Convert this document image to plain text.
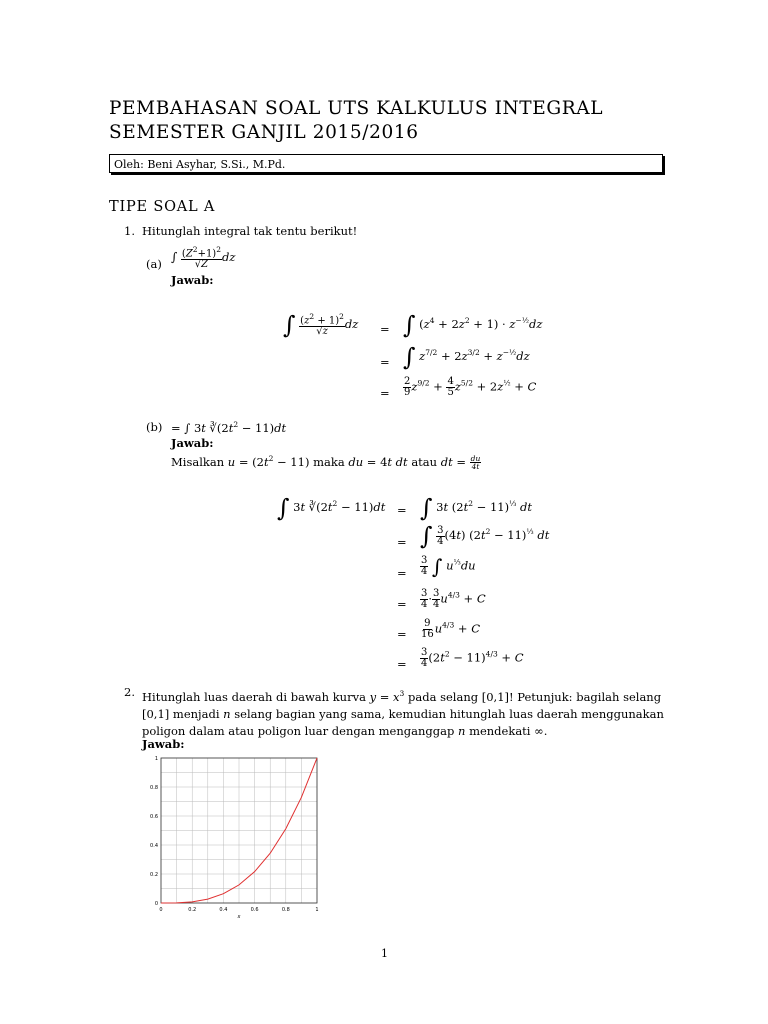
PEMBAHASAN SOAL UTS KALKULUS INTEGRAL
SEMESTER GANJIL 2015/2016
Oleh: Beni Asyhar, S.Si., M.Pd.
TIPE SOAL A
1. Hitunglah integral tak tentu berikut!
(a) ∫ $\frac{(Z^2+1)^2}{√Z}$ dz
Jawab:
∫ $\frac{(z^2 + 1)^2}{√z}$ dz = ∫ $(z^4 + 2z^2 + 1) \cdot z^{-\frac{1}{2}}dz$
= ∫ $z^{7/2} + 2z^{3/2} + z^{-\frac{1}{2}}dz$
= $\frac{2}{9} z^{9/2} + \frac{4}{5} z^{5/2} + 2z^{\frac{1}{2}} + C$
(b) = ∫ 3t $∛(2t^2 - 11)dt$
Jawab:
Misalkan $u = (2t^2 - 11)$ maka du = 4t dt atau dt = $\frac{du}{4t}$
∫ 3t $∛(2t^2 - 11)dt$ = ∫ 3t $(2t^2 - 11)^{\frac{1}{3}}$ dt
= ∫ $\frac{3}{4} (4t) (2t^2 - 11)^{\frac{1}{3}}$ dt
= $\frac{3}{4}$ ∫ $u^{\frac{1}{3}}du$
= $\frac{3}{4} \cdot \frac{3}{4} u^{4/3} + C$
= $\frac{9}{16} u^{4/3} + C$
= $\frac{3}{4} (2t^2 - 11)^{4/3} + C$
2. Hitunglah luas daerah di bawah kurva $y = x^3$ pada selang [0,1]! Petunjuk: bagilah selang
[0,1] menjadi n selang bagian yang sama, kemudian hitunglah luas daerah menggunakan
poligon dalam atau poligon luar dengan menganggap n mendekati ∞.
Jawab:
0	0.2	0.4	0.6	0.8	1
0
0.2
0.4
0.6
0.8
1
x
1
